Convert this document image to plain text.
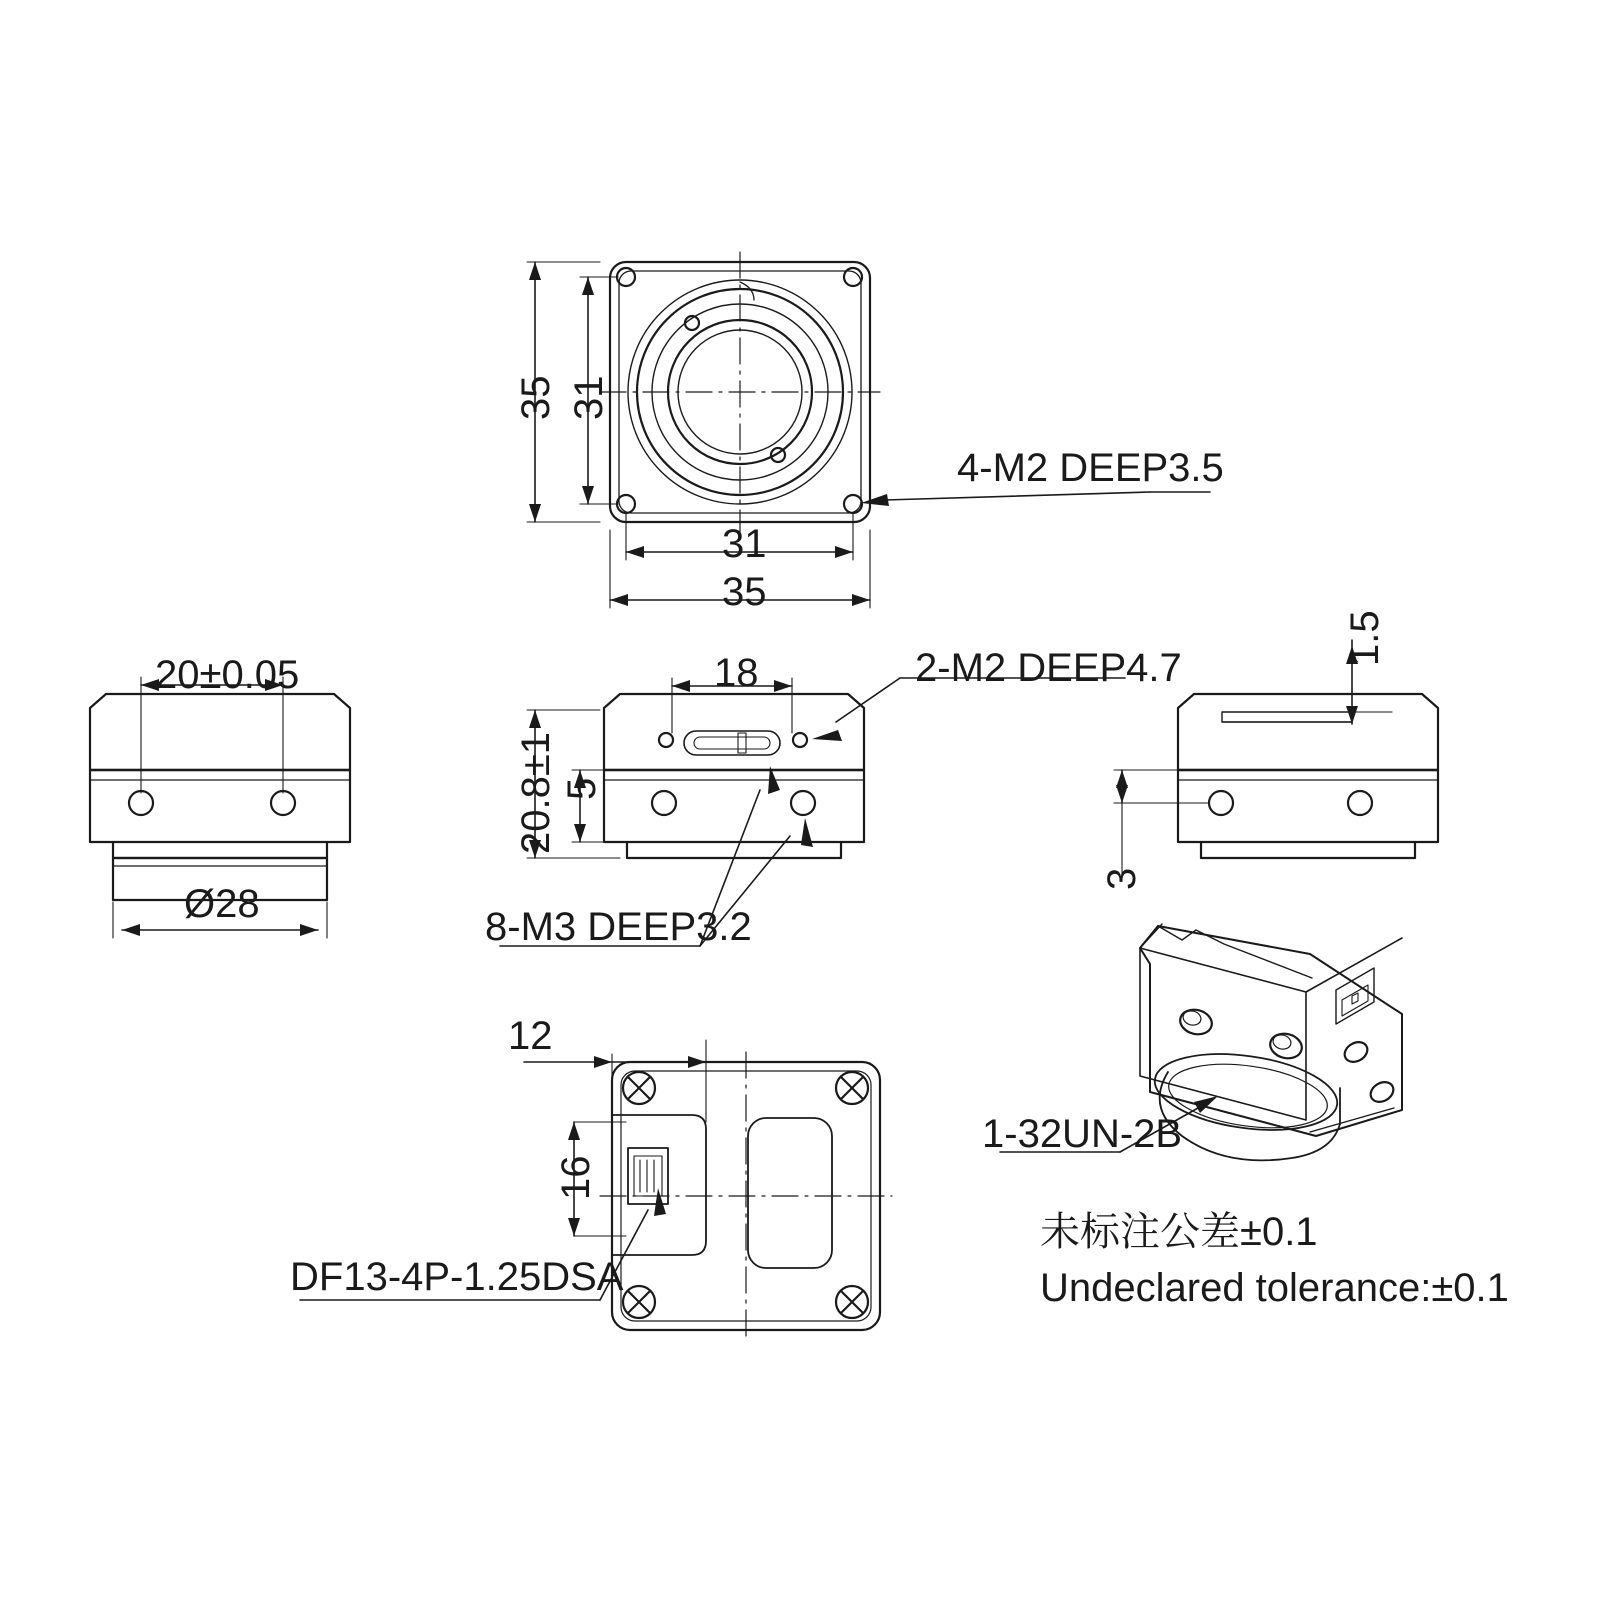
35 31
31
35
4-M2 DEEP3.5
20±0.05
Ø28
18
20.8±1 5
2-M2 DEEP4.7
8-M3 DEEP3.2
1.5
3
12
16
DF13-4P-1.25DSA
1-32UN-2B
未标注公差±0.1
Undeclared tolerance:±0.1
